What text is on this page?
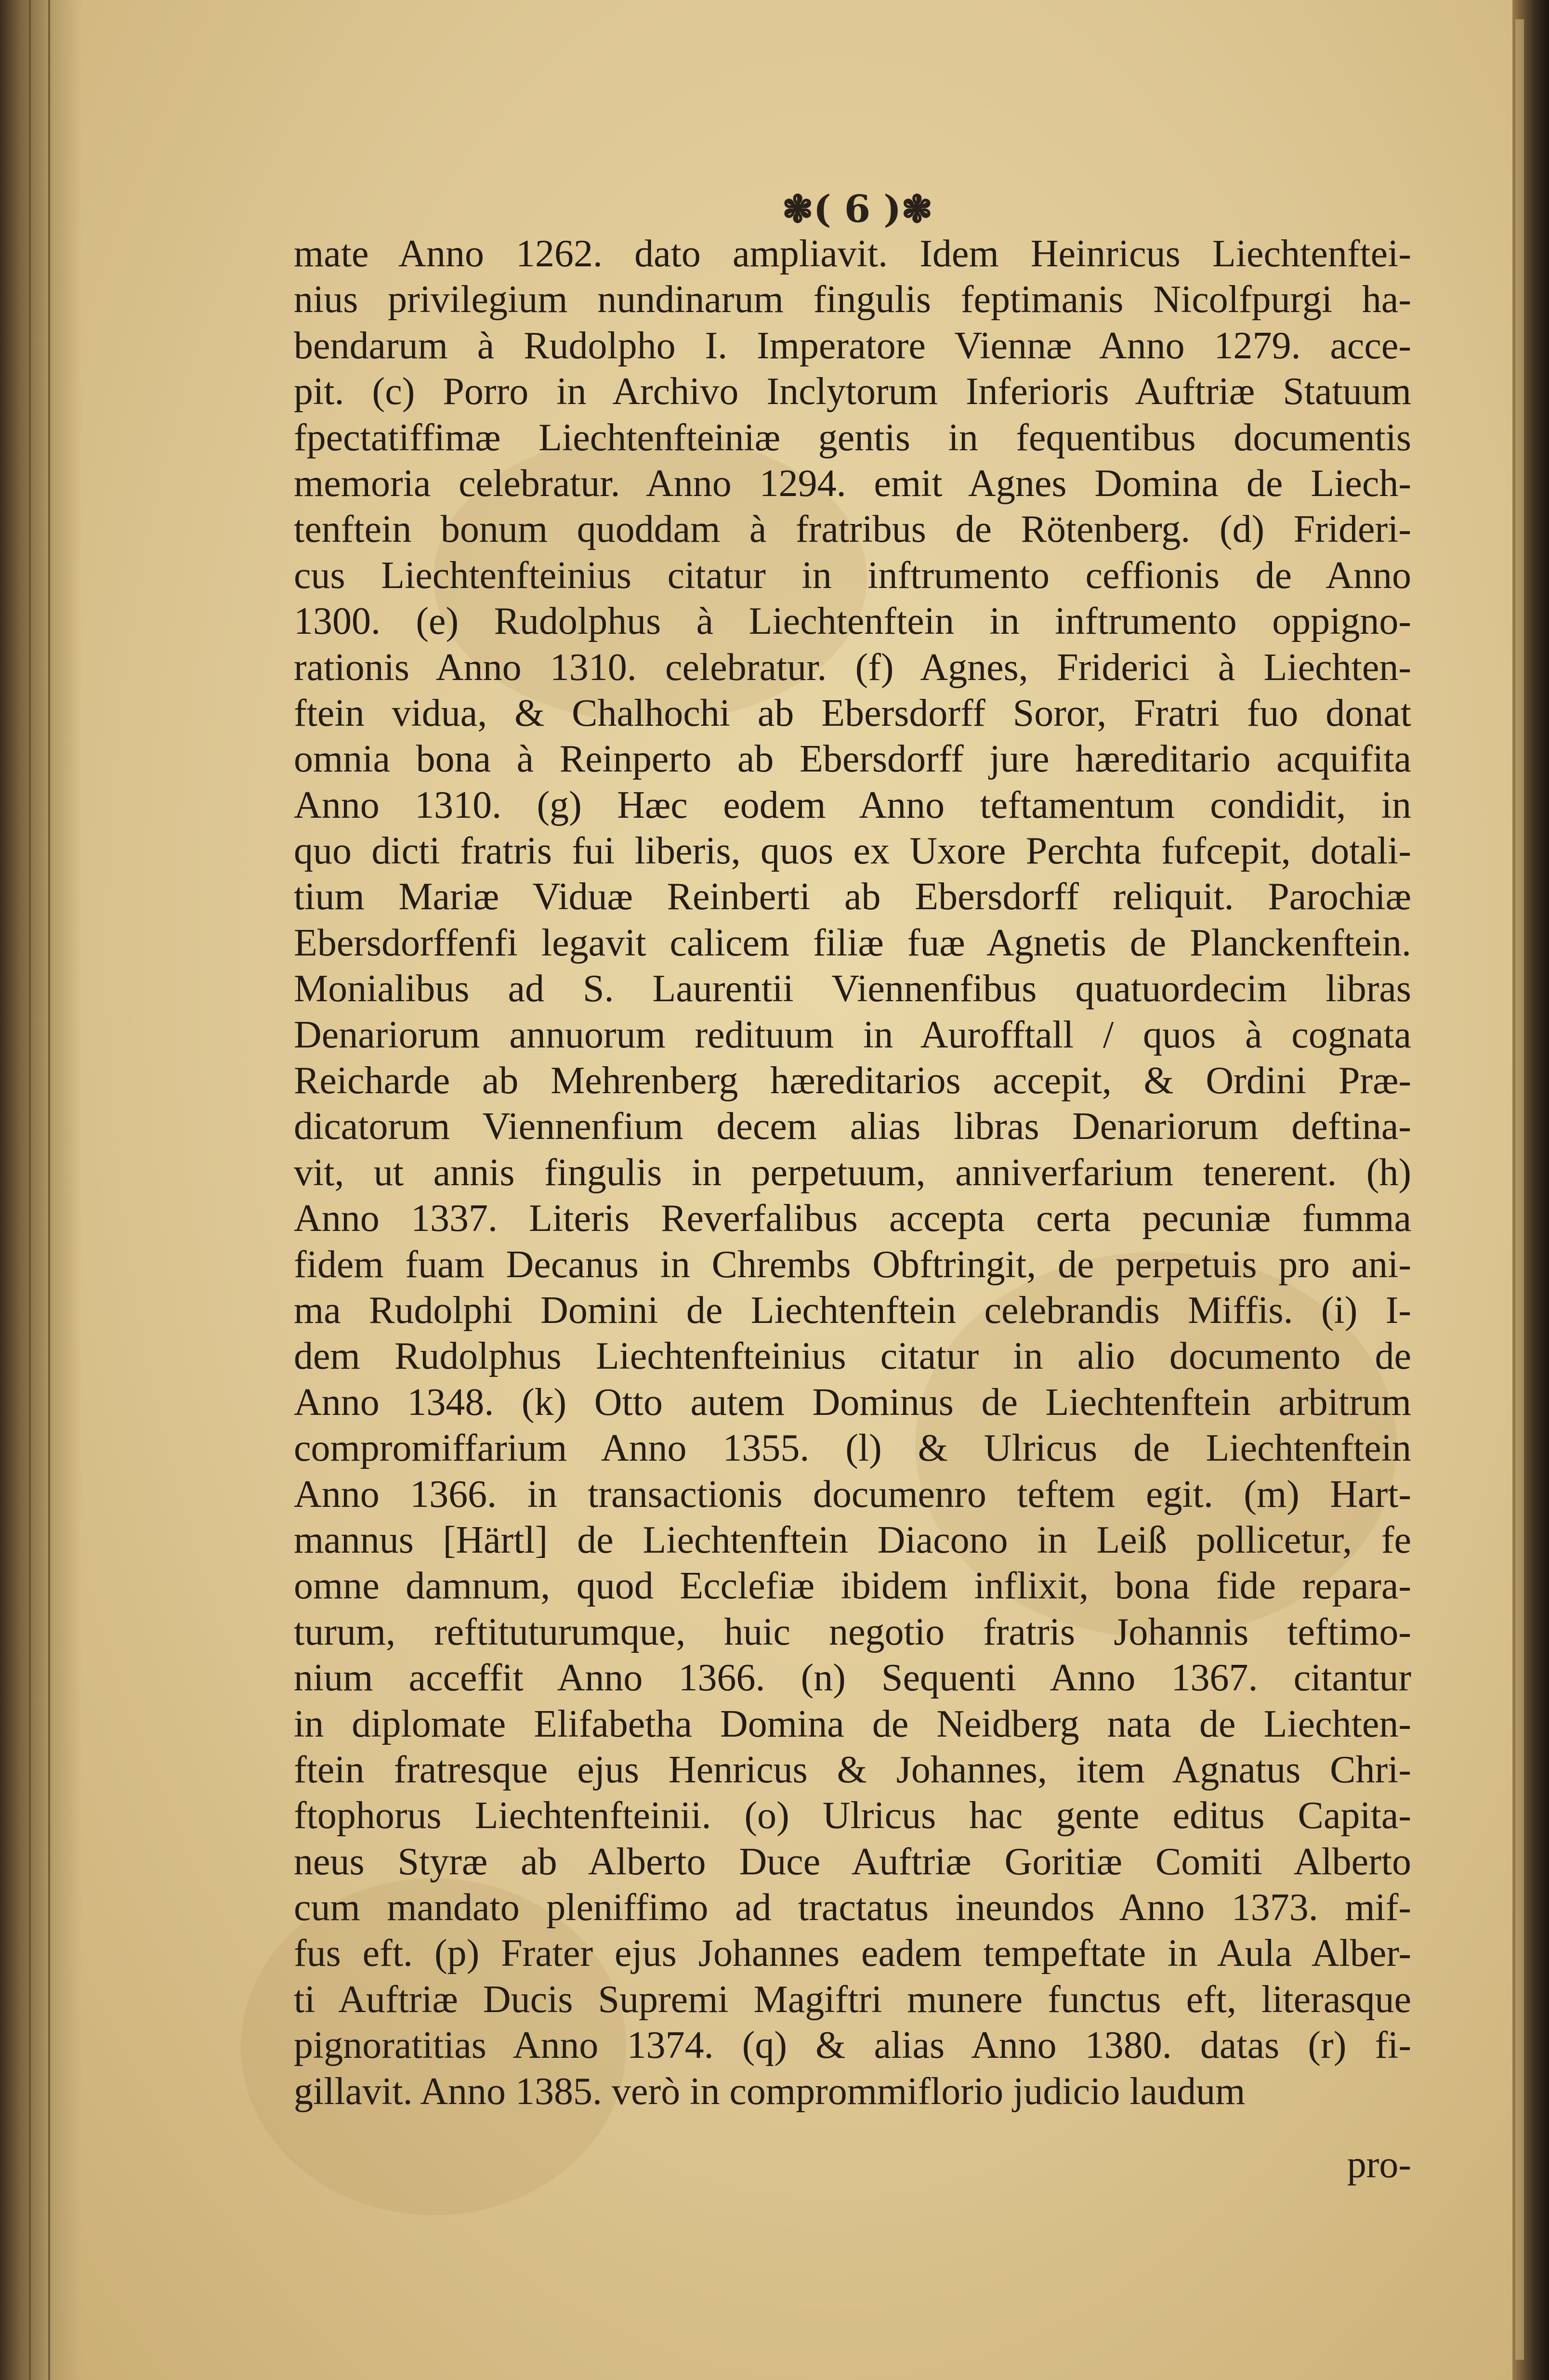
❃( 6 )❃
mate Anno 1262. dato ampliavit. Idem Heinricus Liechtenftei-
nius privilegium nundinarum fingulis feptimanis Nicolfpurgi ha-
bendarum à Rudolpho I. Imperatore Viennæ Anno 1279. acce-
pit. (c) Porro in Archivo Inclytorum Inferioris Auftriæ Statuum
fpectatiffimæ Liechtenfteiniæ gentis in fequentibus documentis
memoria celebratur. Anno 1294. emit Agnes Domina de Liech-
tenftein bonum quoddam à fratribus de Rötenberg. (d) Frideri-
cus Liechtenfteinius citatur in inftrumento ceffionis de Anno
1300. (e) Rudolphus à Liechtenftein in inftrumento oppigno-
rationis Anno 1310. celebratur. (f) Agnes, Friderici à Liechten-
ftein vidua, & Chalhochi ab Ebersdorff Soror, Fratri fuo donat
omnia bona à Reinperto ab Ebersdorff jure hæreditario acquifita
Anno 1310. (g) Hæc eodem Anno teftamentum condidit, in
quo dicti fratris fui liberis, quos ex Uxore Perchta fufcepit, dotali-
tium Mariæ Viduæ Reinberti ab Ebersdorff reliquit. Parochiæ
Ebersdorffenfi legavit calicem filiæ fuæ Agnetis de Planckenftein.
Monialibus ad S. Laurentii Viennenfibus quatuordecim libras
Denariorum annuorum redituum in Aurofftall / quos à cognata
Reicharde ab Mehrenberg hæreditarios accepit, & Ordini Præ-
dicatorum Viennenfium decem alias libras Denariorum deftina-
vit, ut annis fingulis in perpetuum, anniverfarium tenerent. (h)
Anno 1337. Literis Reverfalibus accepta certa pecuniæ fumma
fidem fuam Decanus in Chrembs Obftringit, de perpetuis pro ani-
ma Rudolphi Domini de Liechtenftein celebrandis Miffis. (i) I-
dem Rudolphus Liechtenfteinius citatur in alio documento de
Anno 1348. (k) Otto autem Dominus de Liechtenftein arbitrum
compromiffarium Anno 1355. (l) & Ulricus de Liechtenftein
Anno 1366. in transactionis documenro teftem egit. (m) Hart-
mannus [Härtl] de Liechtenftein Diacono in Leiß pollicetur, fe
omne damnum, quod Ecclefiæ ibidem inflixit, bona fide repara-
turum, reftituturumque, huic negotio fratris Johannis teftimo-
nium acceffit Anno 1366. (n) Sequenti Anno 1367. citantur
in diplomate Elifabetha Domina de Neidberg nata de Liechten-
ftein fratresque ejus Henricus & Johannes, item Agnatus Chri-
ftophorus Liechtenfteinii. (o) Ulricus hac gente editus Capita-
neus Styræ ab Alberto Duce Auftriæ Goritiæ Comiti Alberto
cum mandato pleniffimo ad tractatus ineundos Anno 1373. mif-
fus eft. (p) Frater ejus Johannes eadem tempeftate in Aula Alber-
ti Auftriæ Ducis Supremi Magiftri munere functus eft, literasque
pignoratitias Anno 1374. (q) & alias Anno 1380. datas (r) fi-
gillavit. Anno 1385. verò in comprommiflorio judicio laudum
pro-
